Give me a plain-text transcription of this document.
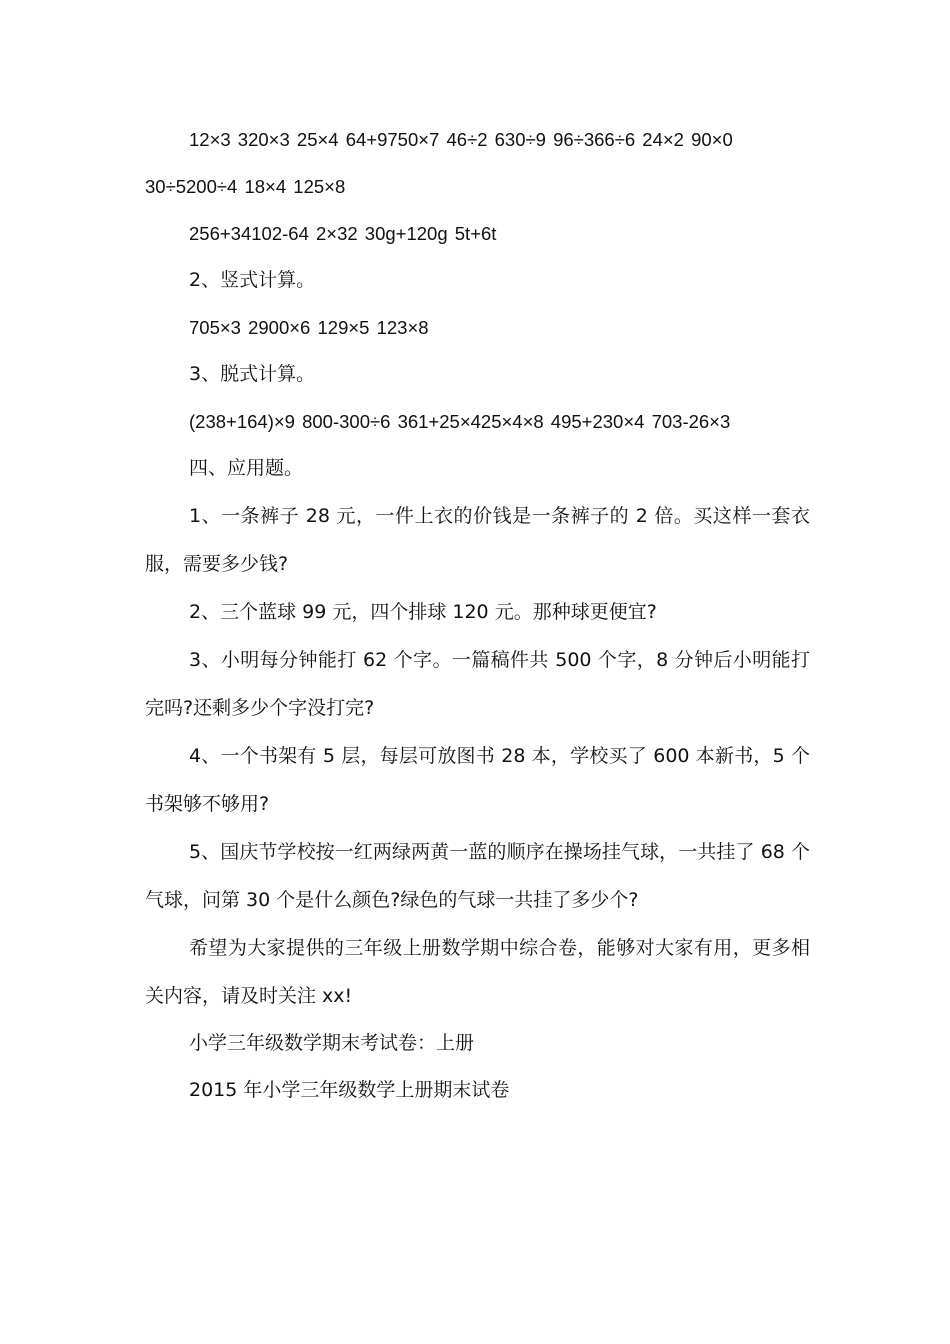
12×3 320×3 25×4 64+9750×7 46÷2 630÷9 96÷366÷6 24×2 90×0 30÷5200÷4 18×4 125×8

256+34102-64 2×32 30g+120g 5t+6t

2、竖式计算。

705×3 2900×6 129×5 123×8

3、脱式计算。

(238+164)×9 800-300÷6 361+25×425×4×8 495+230×4 703-26×3

四、应用题。

1、一条裤子 28 元，一件上衣的价钱是一条裤子的 2 倍。买这样一套衣服，需要多少钱?

2、三个蓝球 99 元，四个排球 120 元。那种球更便宜?

3、小明每分钟能打 62 个字。一篇稿件共 500 个字，8 分钟后小明能打完吗?还剩多少个字没打完?

4、一个书架有 5 层，每层可放图书 28 本，学校买了 600 本新书，5 个书架够不够用?

5、国庆节学校按一红两绿两黄一蓝的顺序在操场挂气球，一共挂了 68 个气球，问第 30 个是什么颜色?绿色的气球一共挂了多少个?

希望为大家提供的三年级上册数学期中综合卷，能够对大家有用，更多相关内容，请及时关注 xx!

小学三年级数学期末考试卷：上册

2015 年小学三年级数学上册期末试卷
